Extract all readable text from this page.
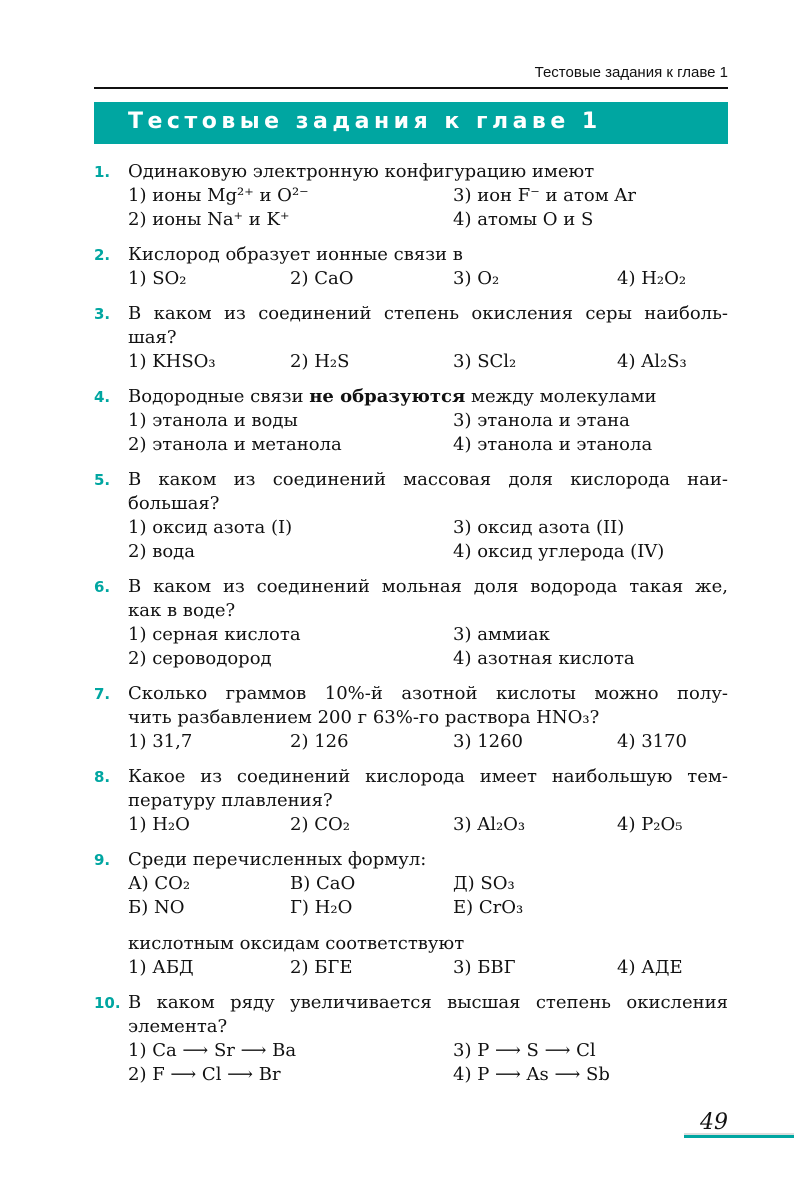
Тестовые задания к главе 1
Тестовые задания к главе 1
1. Одинаковую электронную конфигурацию имеют
1) ионы Mg²⁺ и O²⁻	3) ион F⁻ и атом Ar
2) ионы Na⁺ и K⁺	4) атомы O и S
2. Кислород образует ионные связи в
1) SO₂	2) CaO	3) O₂	4) H₂O₂
3. В каком из соединений степень окисления серы наиболь-
шая?
1) KHSO₃	2) H₂S	3) SCl₂	4) Al₂S₃
4. Водородные связи не образуются между молекулами
1) этанола и воды	3) этанола и этана
2) этанола и метанола	4) этанола и этанола
5. В каком из соединений массовая доля кислорода наи-
большая?
1) оксид азота (I)	3) оксид азота (II)
2) вода	4) оксид углерода (IV)
6. В каком из соединений мольная доля водорода такая же,
как в воде?
1) серная кислота	3) аммиак
2) сероводород	4) азотная кислота
7. Сколько граммов 10%-й азотной кислоты можно полу-
чить разбавлением 200 г 63%-го раствора HNO₃?
1) 31,7	2) 126	3) 1260	4) 3170
8. Какое из соединений кислорода имеет наибольшую тем-
пературу плавления?
1) H₂O	2) CO₂	3) Al₂O₃	4) P₂O₅
9. Среди перечисленных формул:
А) CO₂	В) CaO	Д) SO₃
Б) NO	Г) H₂O	Е) CrO₃
кислотным оксидам соответствуют
1) АБД	2) БГЕ	3) БВГ	4) АДЕ
10. В каком ряду увеличивается высшая степень окисления
элемента?
1) Ca ⟶ Sr ⟶ Ba	3) P ⟶ S ⟶ Cl
2) F ⟶ Cl ⟶ Br	4) P ⟶ As ⟶ Sb
49
